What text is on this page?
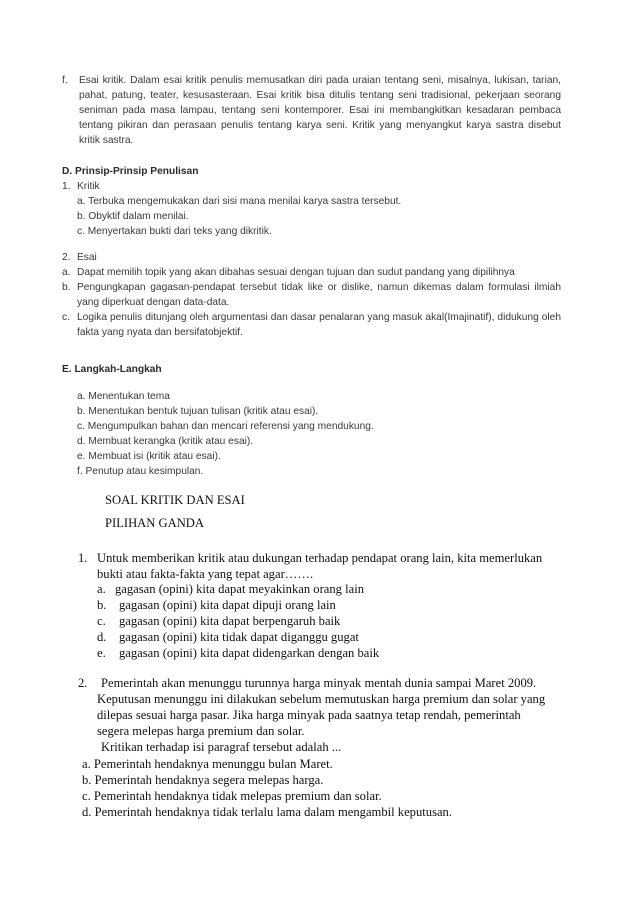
f.	Esai kritik. Dalam esai kritik penulis memusatkan diri pada uraian tentang seni, misalnya, lukisan, tarian, pahat, patung, teater, kesusasteraan. Esai kritik bisa ditulis tentang seni tradisional, pekerjaan seorang seniman pada masa lampau, tentang seni kontemporer. Esai ini membangkitkan kesadaran pembaca tentang pikiran dan perasaan penulis tentang karya seni. Kritik yang menyangkut karya sastra disebut kritik sastra.
D. Prinsip-Prinsip Penulisan
1. Kritik
a. Terbuka mengemukakan dari sisi mana menilai karya sastra tersebut.
b. Obyktif dalam menilai.
c. Menyertakan bukti dari teks yang dikritik.
2. Esai
a. Dapat memilih topik yang akan dibahas sesuai dengan tujuan dan sudut pandang yang dipilihnya
b. Pengungkapan gagasan-pendapat tersebut tidak like or dislike, namun dikemas dalam formulasi ilmiah yang diperkuat dengan data-data.
c. Logika penulis ditunjang oleh argumentasi dan dasar penalaran yang masuk akal(Imajinatif), didukung oleh fakta yang nyata dan bersifatobjektif.
E. Langkah-Langkah
a. Menentukan tema
b. Menentukan bentuk tujuan tulisan (kritik atau esai).
c. Mengumpulkan bahan dan mencari referensi yang mendukung.
d. Membuat kerangka (kritik atau esai).
e. Membuat isi (kritik atau esai).
f. Penutup atau kesimpulan.
SOAL KRITIK DAN ESAI
PILIHAN GANDA
1. Untuk memberikan kritik atau dukungan terhadap pendapat orang lain, kita memerlukan bukti atau fakta-fakta yang tepat agar…….
a. gagasan (opini) kita dapat meyakinkan orang lain
b. gagasan (opini) kita dapat dipuji orang lain
c. gagasan (opini) kita dapat berpengaruh baik
d. gagasan (opini) kita tidak dapat diganggu gugat
e. gagasan (opini) kita dapat didengarkan dengan baik
2. Pemerintah akan menunggu turunnya harga minyak mentah dunia sampai Maret 2009.
Keputusan menunggu ini dilakukan sebelum memutuskan harga premium dan solar yang
dilepas sesuai harga pasar. Jika harga minyak pada saatnya tetap rendah, pemerintah
segera melepas harga premium dan solar.
Kritikan terhadap isi paragraf tersebut adalah ...
a. Pemerintah hendaknya menunggu bulan Maret.
b. Pemerintah hendaknya segera melepas harga.
c. Pemerintah hendaknya tidak melepas premium dan solar.
d. Pemerintah hendaknya tidak terlalu lama dalam mengambil keputusan.
